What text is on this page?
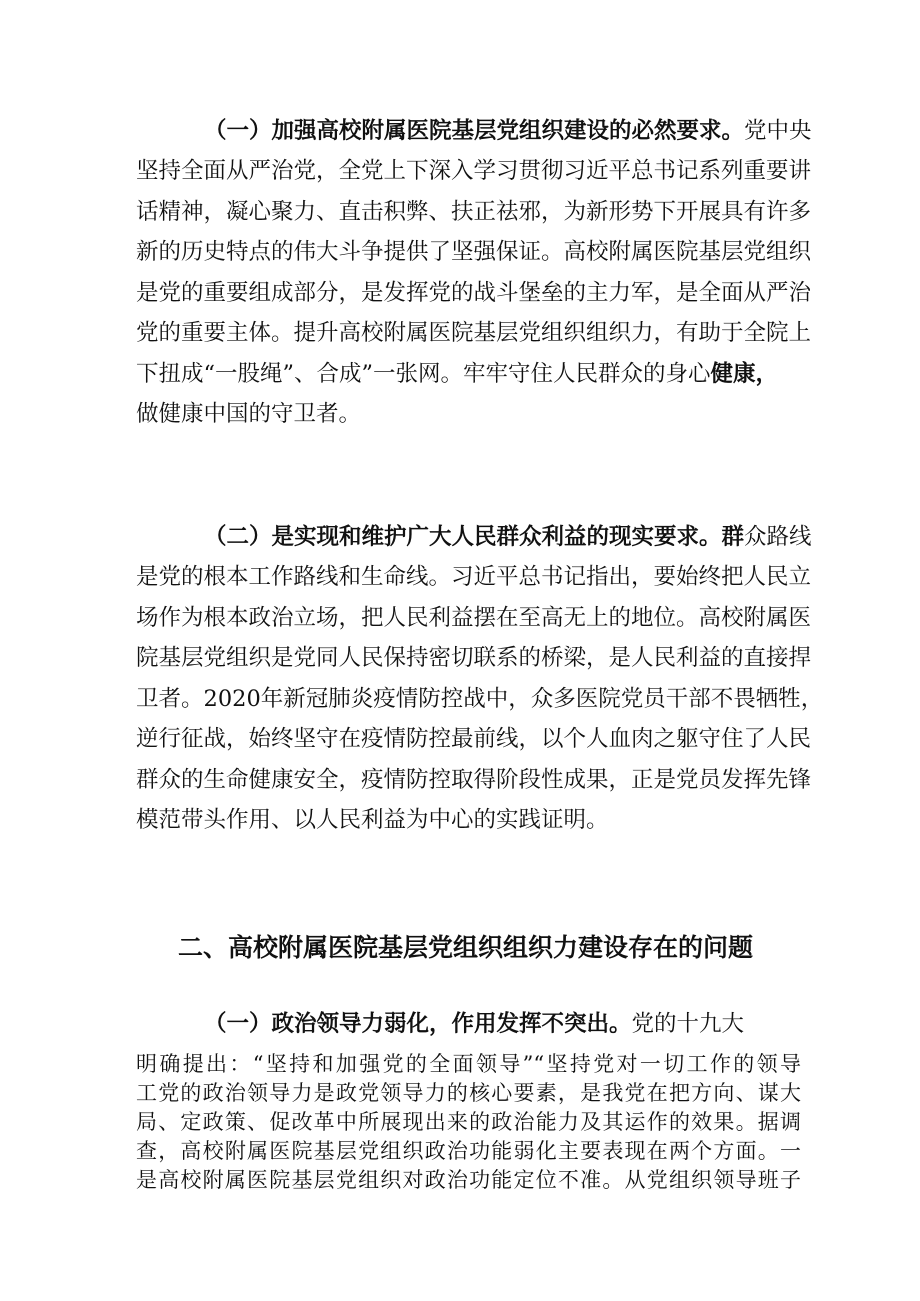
（一）加强高校附属医院基层党组织建设的必然要求。党中央
坚持全面从严治党，全党上下深入学习贯彻习近平总书记系列重要讲
话精神，凝心聚力、直击积弊、扶正祛邪，为新形势下开展具有许多
新的历史特点的伟大斗争提供了坚强保证。高校附属医院基层党组织
是党的重要组成部分，是发挥党的战斗堡垒的主力军，是全面从严治
党的重要主体。提升高校附属医院基层党组织组织力，有助于全院上
下扭成“一股绳”、合成”一张网。牢牢守住人民群众的身心健康，
做健康中国的守卫者。
（二）是实现和维护广大人民群众利益的现实要求。群众路线
是党的根本工作路线和生命线。习近平总书记指出，要始终把人民立
场作为根本政治立场，把人民利益摆在至高无上的地位。高校附属医
院基层党组织是党同人民保持密切联系的桥梁，是人民利益的直接捍
卫者。2020年新冠肺炎疫情防控战中，众多医院党员干部不畏牺牲，
逆行征战，始终坚守在疫情防控最前线，以个人血肉之躯守住了人民
群众的生命健康安全，疫情防控取得阶段性成果，正是党员发挥先锋
模范带头作用、以人民利益为中心的实践证明。
二、高校附属医院基层党组织组织力建设存在的问题
（一）政治领导力弱化，作用发挥不突出。党的十九大
明确提出：“坚持和加强党的全面领导”“坚持党对一切工作的领导
工党的政治领导力是政党领导力的核心要素，是我党在把方向、谋大
局、定政策、促改革中所展现出来的政治能力及其运作的效果。据调
查，高校附属医院基层党组织政治功能弱化主要表现在两个方面。一
是高校附属医院基层党组织对政治功能定位不准。从党组织领导班子
